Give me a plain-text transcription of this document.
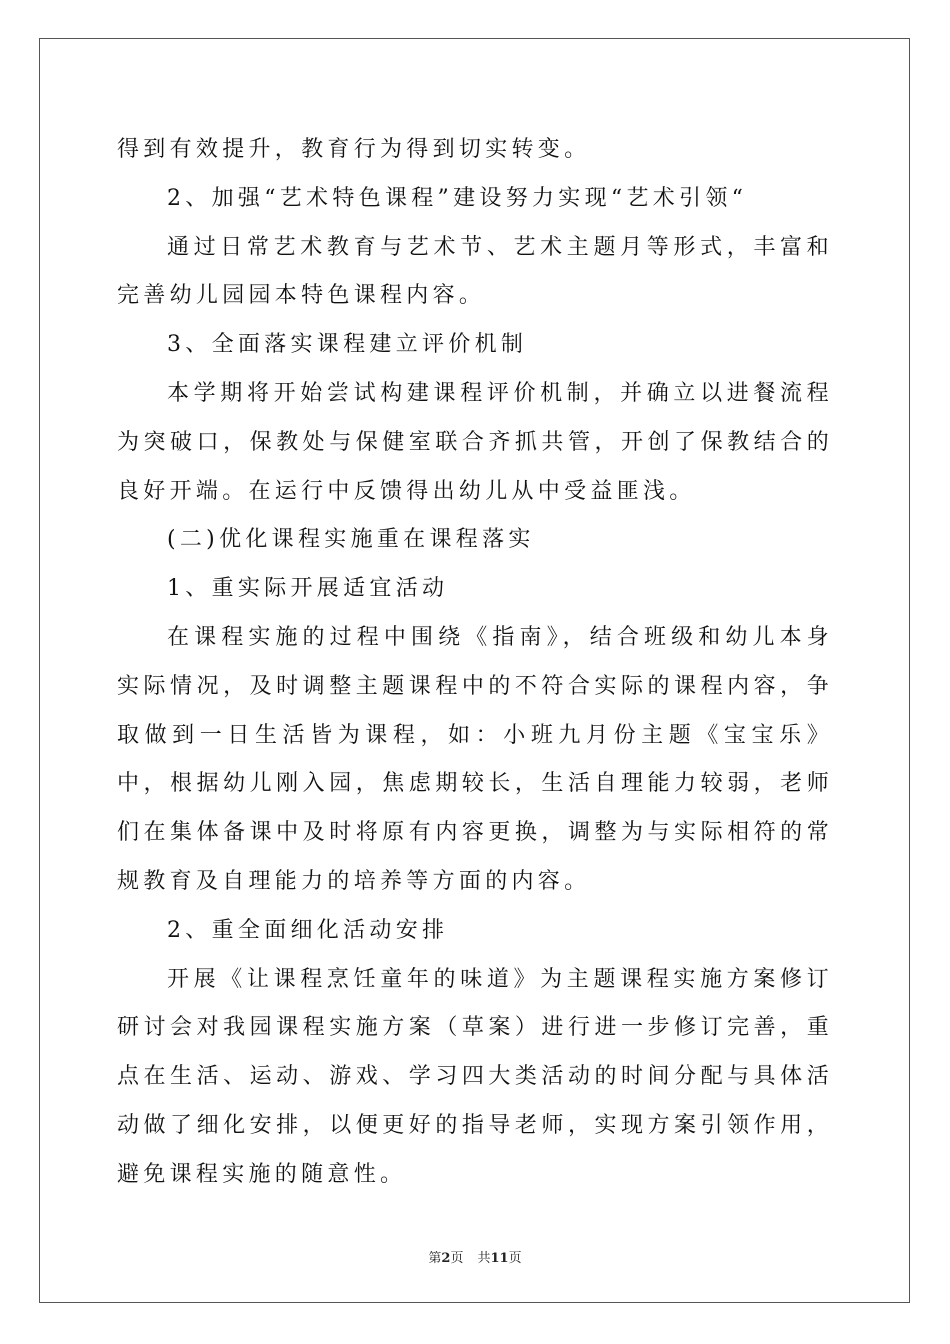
得到有效提升，教育行为得到切实转变。

2、加强“艺术特色课程”建设努力实现“艺术引领“

通过日常艺术教育与艺术节、艺术主题月等形式，丰富和完善幼儿园园本特色课程内容。

3、全面落实课程建立评价机制

本学期将开始尝试构建课程评价机制，并确立以进餐流程为突破口，保教处与保健室联合齐抓共管，开创了保教结合的良好开端。在运行中反馈得出幼儿从中受益匪浅。

(二)优化课程实施重在课程落实

1、重实际开展适宜活动

在课程实施的过程中围绕《指南》，结合班级和幼儿本身实际情况，及时调整主题课程中的不符合实际的课程内容，争取做到一日生活皆为课程，如：小班九月份主题《宝宝乐》中，根据幼儿刚入园，焦虑期较长，生活自理能力较弱，老师们在集体备课中及时将原有内容更换，调整为与实际相符的常规教育及自理能力的培养等方面的内容。

2、重全面细化活动安排

开展《让课程烹饪童年的味道》为主题课程实施方案修订研讨会对我园课程实施方案（草案）进行进一步修订完善，重点在生活、运动、游戏、学习四大类活动的时间分配与具体活动做了细化安排，以便更好的指导老师，实现方案引领作用，避免课程实施的随意性。

第2页 共11页
